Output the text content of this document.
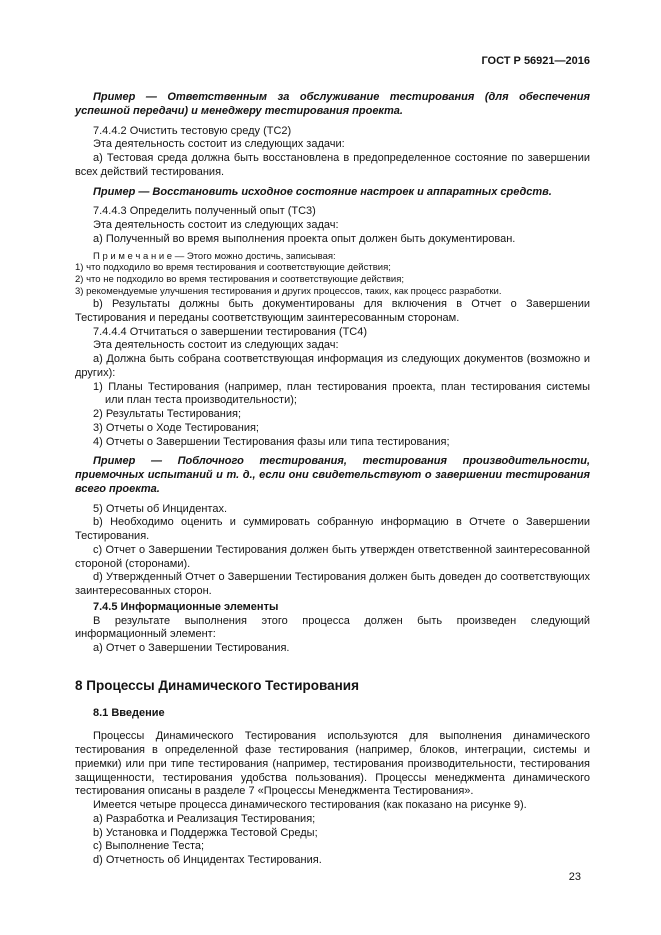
ГОСТ Р 56921—2016

Пример — Ответственным за обслуживание тестирования (для обеспечения успешной передачи) и менеджеру тестирования проекта.

7.4.4.2 Очистить тестовую среду (ТС2)

Эта деятельность состоит из следующих задачи:

а) Тестовая среда должна быть восстановлена в предопределенное состояние по завершении всех действий тестирования.

Пример — Восстановить исходное состояние настроек и аппаратных средств.

7.4.4.3 Определить полученный опыт (ТС3)

Эта деятельность состоит из следующих задач:

а) Полученный во время выполнения проекта опыт должен быть документирован.

П р и м е ч а н и е — Этого можно достичь, записывая:

1) что подходило во время тестирования и соответствующие действия;

2) что не подходило во время тестирования и соответствующие действия;

3) рекомендуемые улучшения тестирования и других процессов, таких, как процесс разработки.

b) Результаты должны быть документированы для включения в Отчет о Завершении Тестирования и переданы соответствующим заинтересованным сторонам.

7.4.4.4 Отчитаться о завершении тестирования (ТС4)

Эта деятельность состоит из следующих задач:

а) Должна быть собрана соответствующая информация из следующих документов (возможно и других):

1) Планы Тестирования (например, план тестирования проекта, план тестирования системы или план теста производительности);

2) Результаты Тестирования;

3) Отчеты о Ходе Тестирования;

4) Отчеты о Завершении Тестирования фазы или типа тестирования;

Пример — Поблочного тестирования, тестирования производительности, приемочных испытаний и т. д., если они свидетельствуют о завершении тестирования всего проекта.

5) Отчеты об Инцидентах.

b) Необходимо оценить и суммировать собранную информацию в Отчете о Завершении Тестирования.

с) Отчет о Завершении Тестирования должен быть утвержден ответственной заинтересованной стороной (сторонами).

d) Утвержденный Отчет о Завершении Тестирования должен быть доведен до соответствующих заинтересованных сторон.

7.4.5 Информационные элементы

В результате выполнения этого процесса должен быть произведен следующий информационный элемент:

а) Отчет о Завершении Тестирования.

8 Процессы Динамического Тестирования

8.1 Введение

Процессы Динамического Тестирования используются для выполнения динамического тестирования в определенной фазе тестирования (например, блоков, интеграции, системы и приемки) или при типе тестирования (например, тестирования производительности, тестирования защищенности, тестирования удобства пользования). Процессы менеджмента динамического тестирования описаны в разделе 7 «Процессы Менеджмента Тестирования».

Имеется четыре процесса динамического тестирования (как показано на рисунке 9).

а) Разработка и Реализация Тестирования;

b) Установка и Поддержка Тестовой Среды;

с) Выполнение Теста;

d) Отчетность об Инцидентах Тестирования.

23
